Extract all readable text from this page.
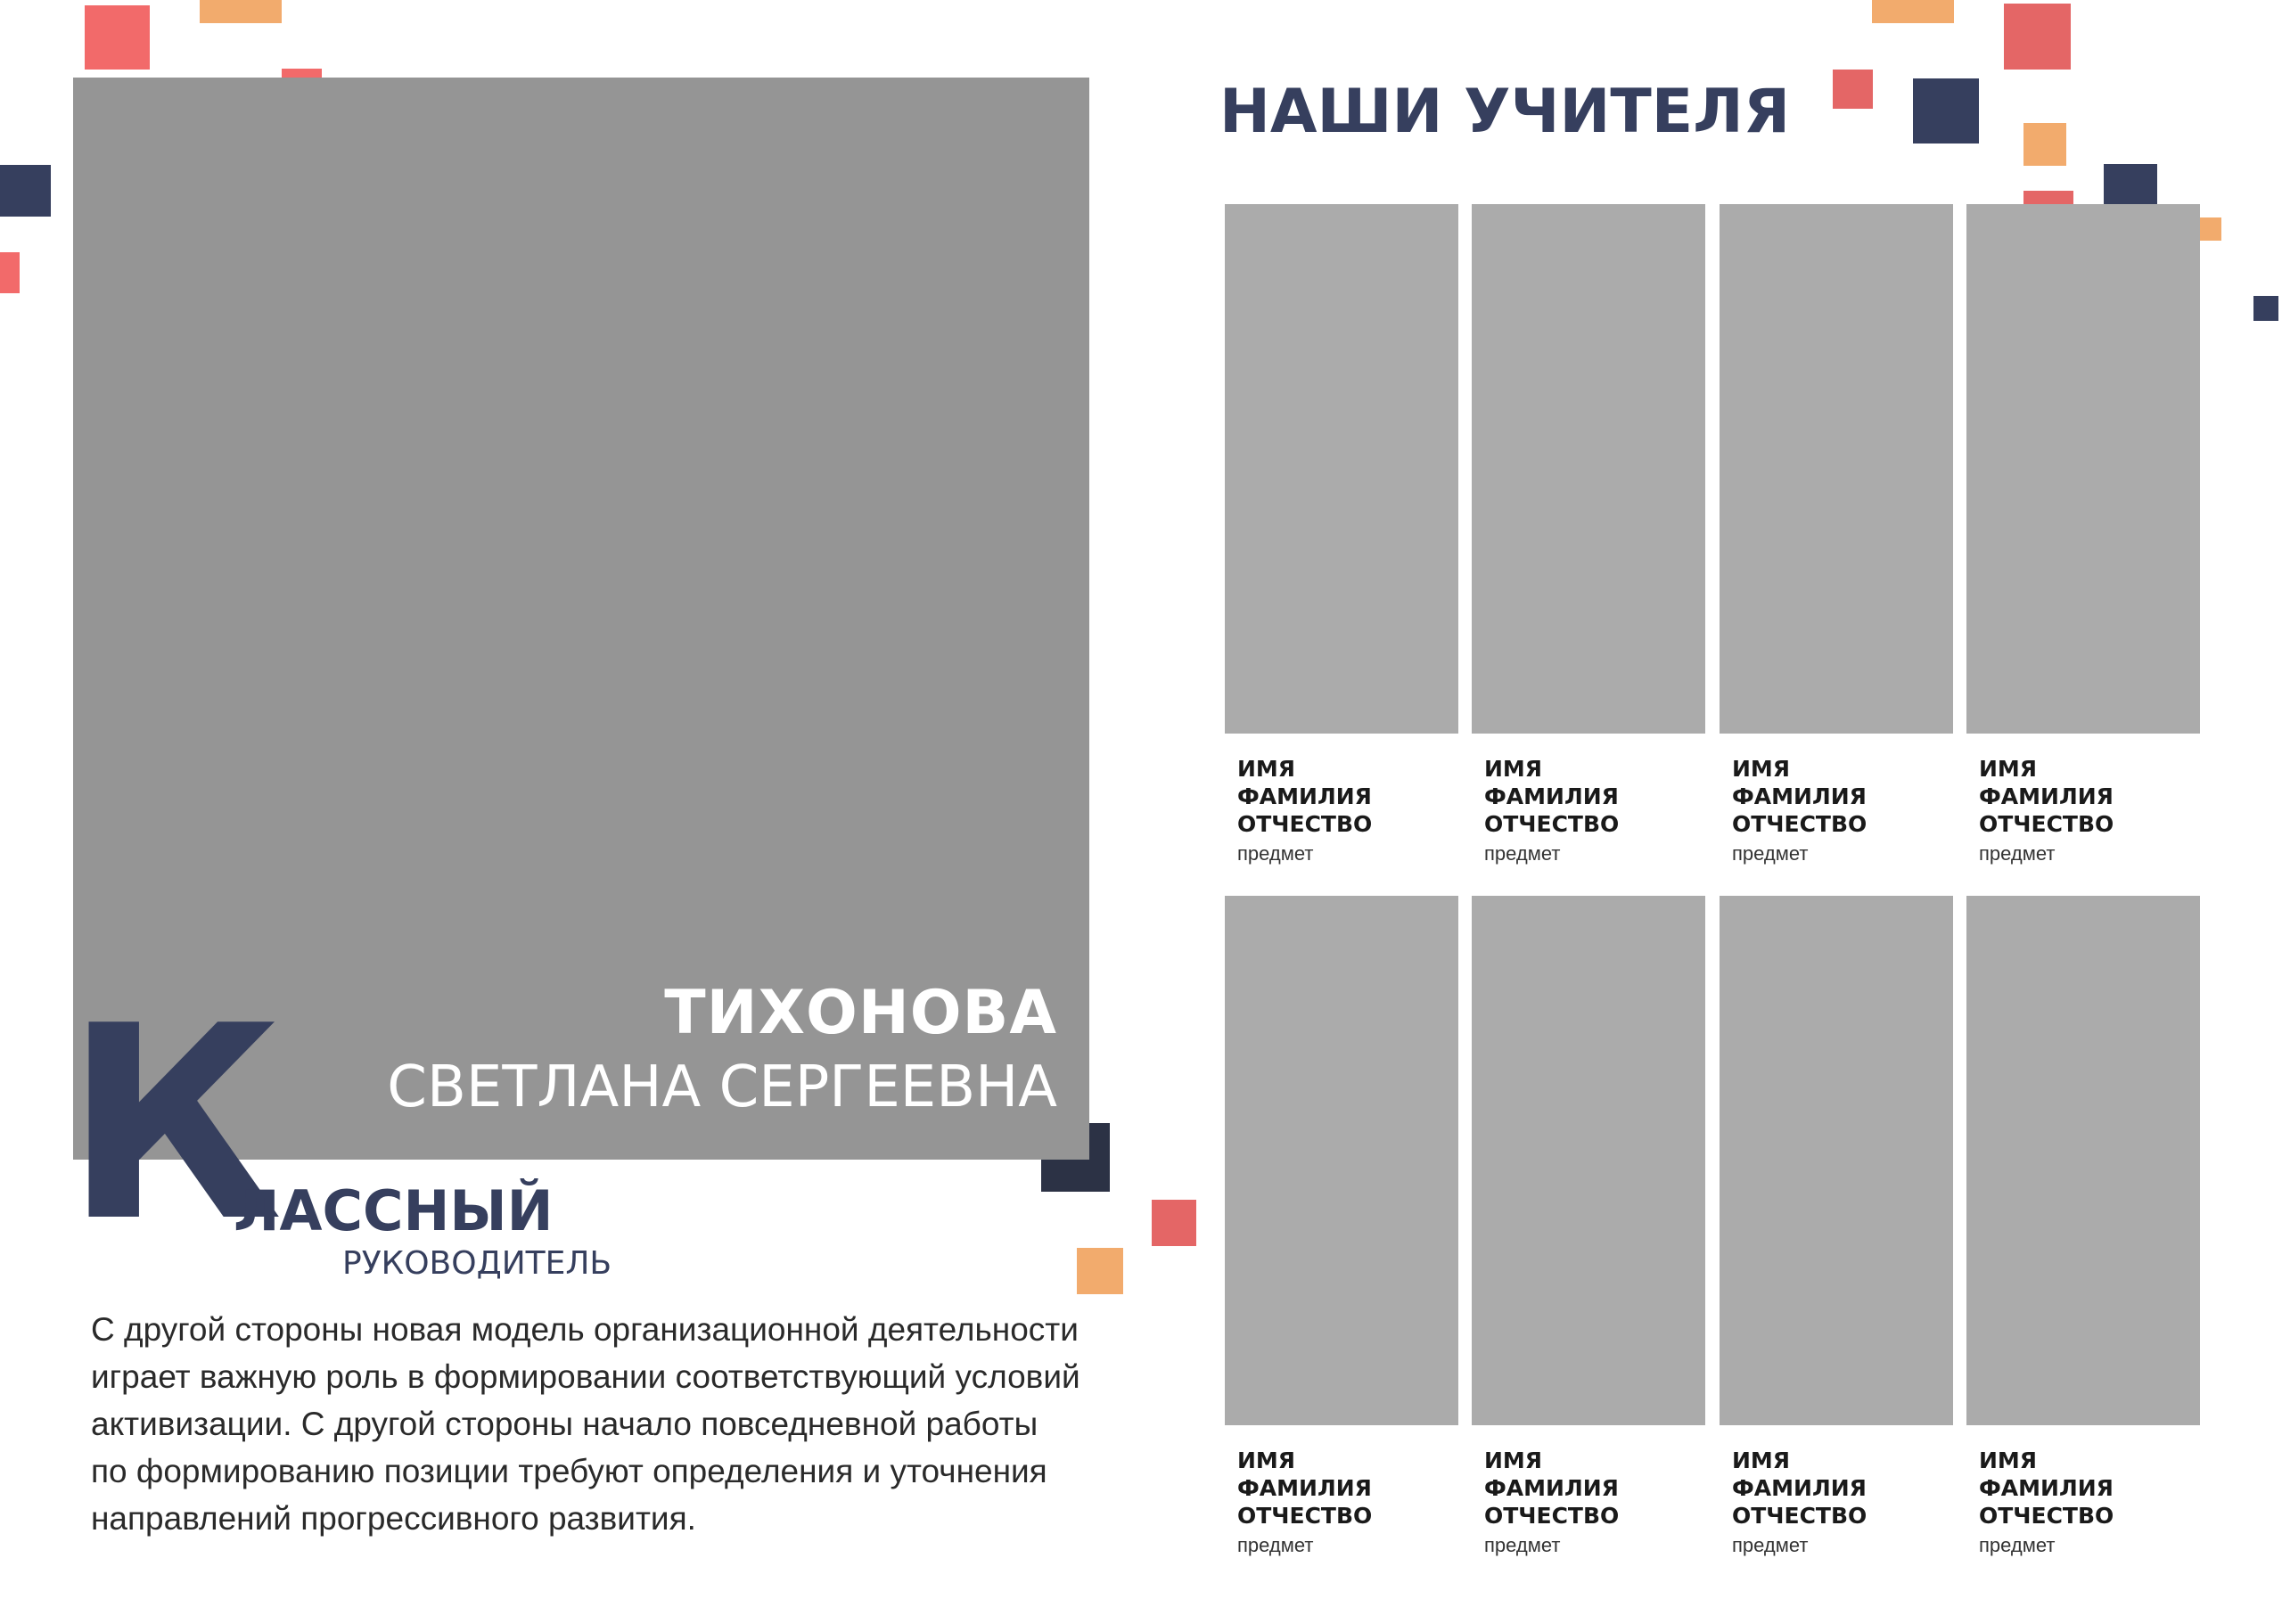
ТИХОНОВА
СВЕТЛАНА СЕРГЕЕВНА
К
ЛАССНЫЙ
РУКОВОДИТЕЛЬ
С другой стороны новая модель организационной деятельности играет важную роль в формировании соответствующий условий активизации. С другой стороны начало повседневной работы по формированию позиции требуют определения и уточнения направлений прогрессивного развития.
НАШИ УЧИТЕЛЯ
ИМЯ
ФАМИЛИЯ
ОТЧЕСТВО
предмет
ИМЯ
ФАМИЛИЯ
ОТЧЕСТВО
предмет
ИМЯ
ФАМИЛИЯ
ОТЧЕСТВО
предмет
ИМЯ
ФАМИЛИЯ
ОТЧЕСТВО
предмет
ИМЯ
ФАМИЛИЯ
ОТЧЕСТВО
предмет
ИМЯ
ФАМИЛИЯ
ОТЧЕСТВО
предмет
ИМЯ
ФАМИЛИЯ
ОТЧЕСТВО
предмет
ИМЯ
ФАМИЛИЯ
ОТЧЕСТВО
предмет
